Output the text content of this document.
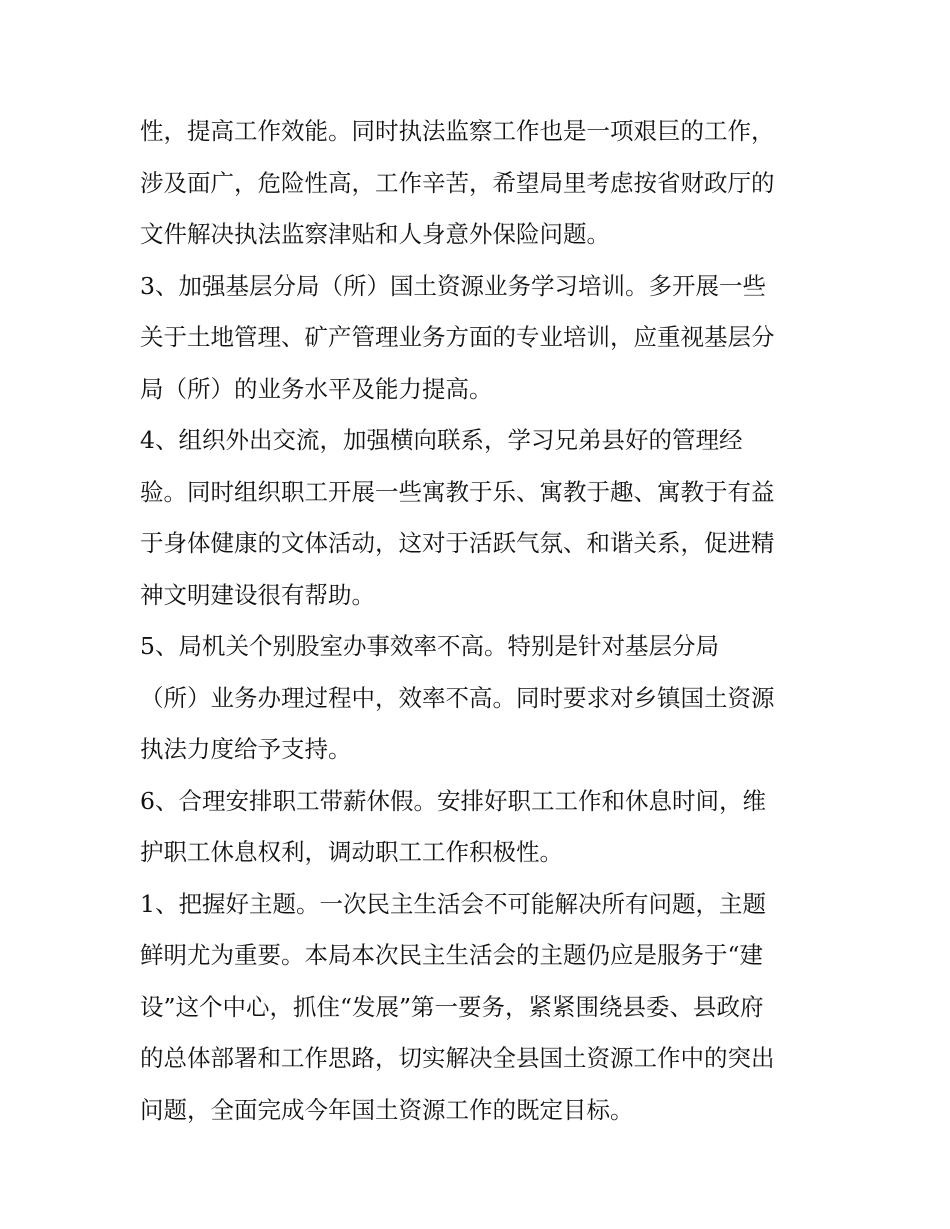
性，提高工作效能。同时执法监察工作也是一项艰巨的工作，
涉及面广，危险性高，工作辛苦，希望局里考虑按省财政厅的
文件解决执法监察津贴和人身意外保险问题。
3、加强基层分局（所）国土资源业务学习培训。多开展一些
关于土地管理、矿产管理业务方面的专业培训，应重视基层分
局（所）的业务水平及能力提高。
4、组织外出交流，加强横向联系，学习兄弟县好的管理经
验。同时组织职工开展一些寓教于乐、寓教于趣、寓教于有益
于身体健康的文体活动，这对于活跃气氛、和谐关系，促进精
神文明建设很有帮助。
5、局机关个别股室办事效率不高。特别是针对基层分局
（所）业务办理过程中，效率不高。同时要求对乡镇国土资源
执法力度给予支持。
6、合理安排职工带薪休假。安排好职工工作和休息时间，维
护职工休息权利，调动职工工作积极性。
1、把握好主题。一次民主生活会不可能解决所有问题，主题
鲜明尤为重要。本局本次民主生活会的主题仍应是服务于“建
设”这个中心，抓住“发展”第一要务，紧紧围绕县委、县政府
的总体部署和工作思路，切实解决全县国土资源工作中的突出
问题，全面完成今年国土资源工作的既定目标。
